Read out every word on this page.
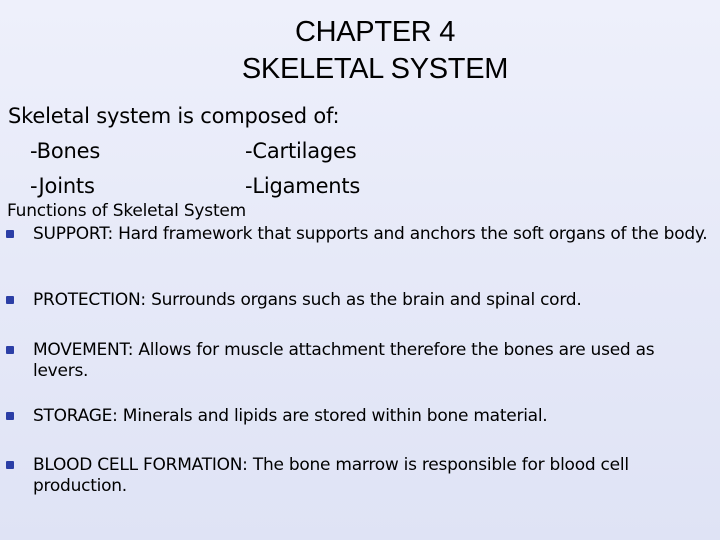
CHAPTER 4
SKELETAL SYSTEM
Skeletal system is composed of:
-Bones	-Cartilages
-Joints	-Ligaments
Functions of Skeletal System
SUPPORT: Hard framework that supports and anchors the soft organs of the body.
PROTECTION: Surrounds organs such as the brain and spinal cord.
MOVEMENT: Allows for muscle attachment therefore the bones are used as levers.
STORAGE: Minerals and lipids are stored within bone material.
BLOOD CELL FORMATION: The bone marrow is responsible for blood cell production.
